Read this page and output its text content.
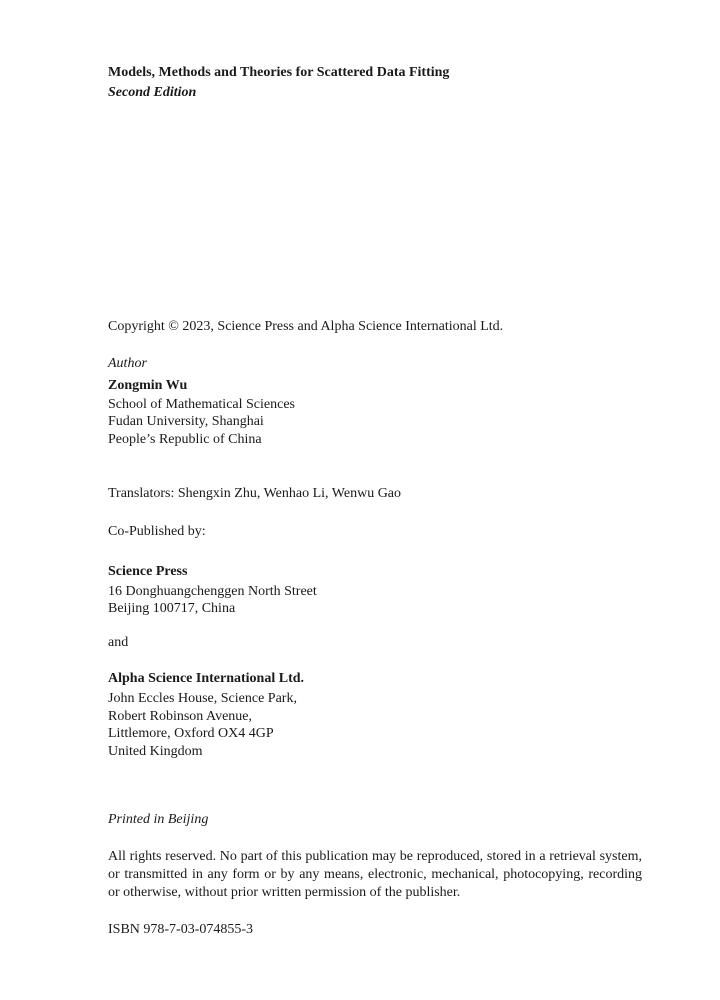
Models, Methods and Theories for Scattered Data Fitting
Second Edition
Copyright © 2023, Science Press and Alpha Science International Ltd.
Author
Zongmin Wu
School of Mathematical Sciences
Fudan University, Shanghai
People’s Republic of China
Translators: Shengxin Zhu, Wenhao Li, Wenwu Gao
Co-Published by:
Science Press
16 Donghuangchenggen North Street
Beijing 100717, China
and
Alpha Science International Ltd.
John Eccles House, Science Park,
Robert Robinson Avenue,
Littlemore, Oxford OX4 4GP
United Kingdom
Printed in Beijing
All rights reserved. No part of this publication may be reproduced, stored in a retrieval system, or transmitted in any form or by any means, electronic, mechanical, photocopying, recording or otherwise, without prior written permission of the publisher.
ISBN 978-7-03-074855-3
